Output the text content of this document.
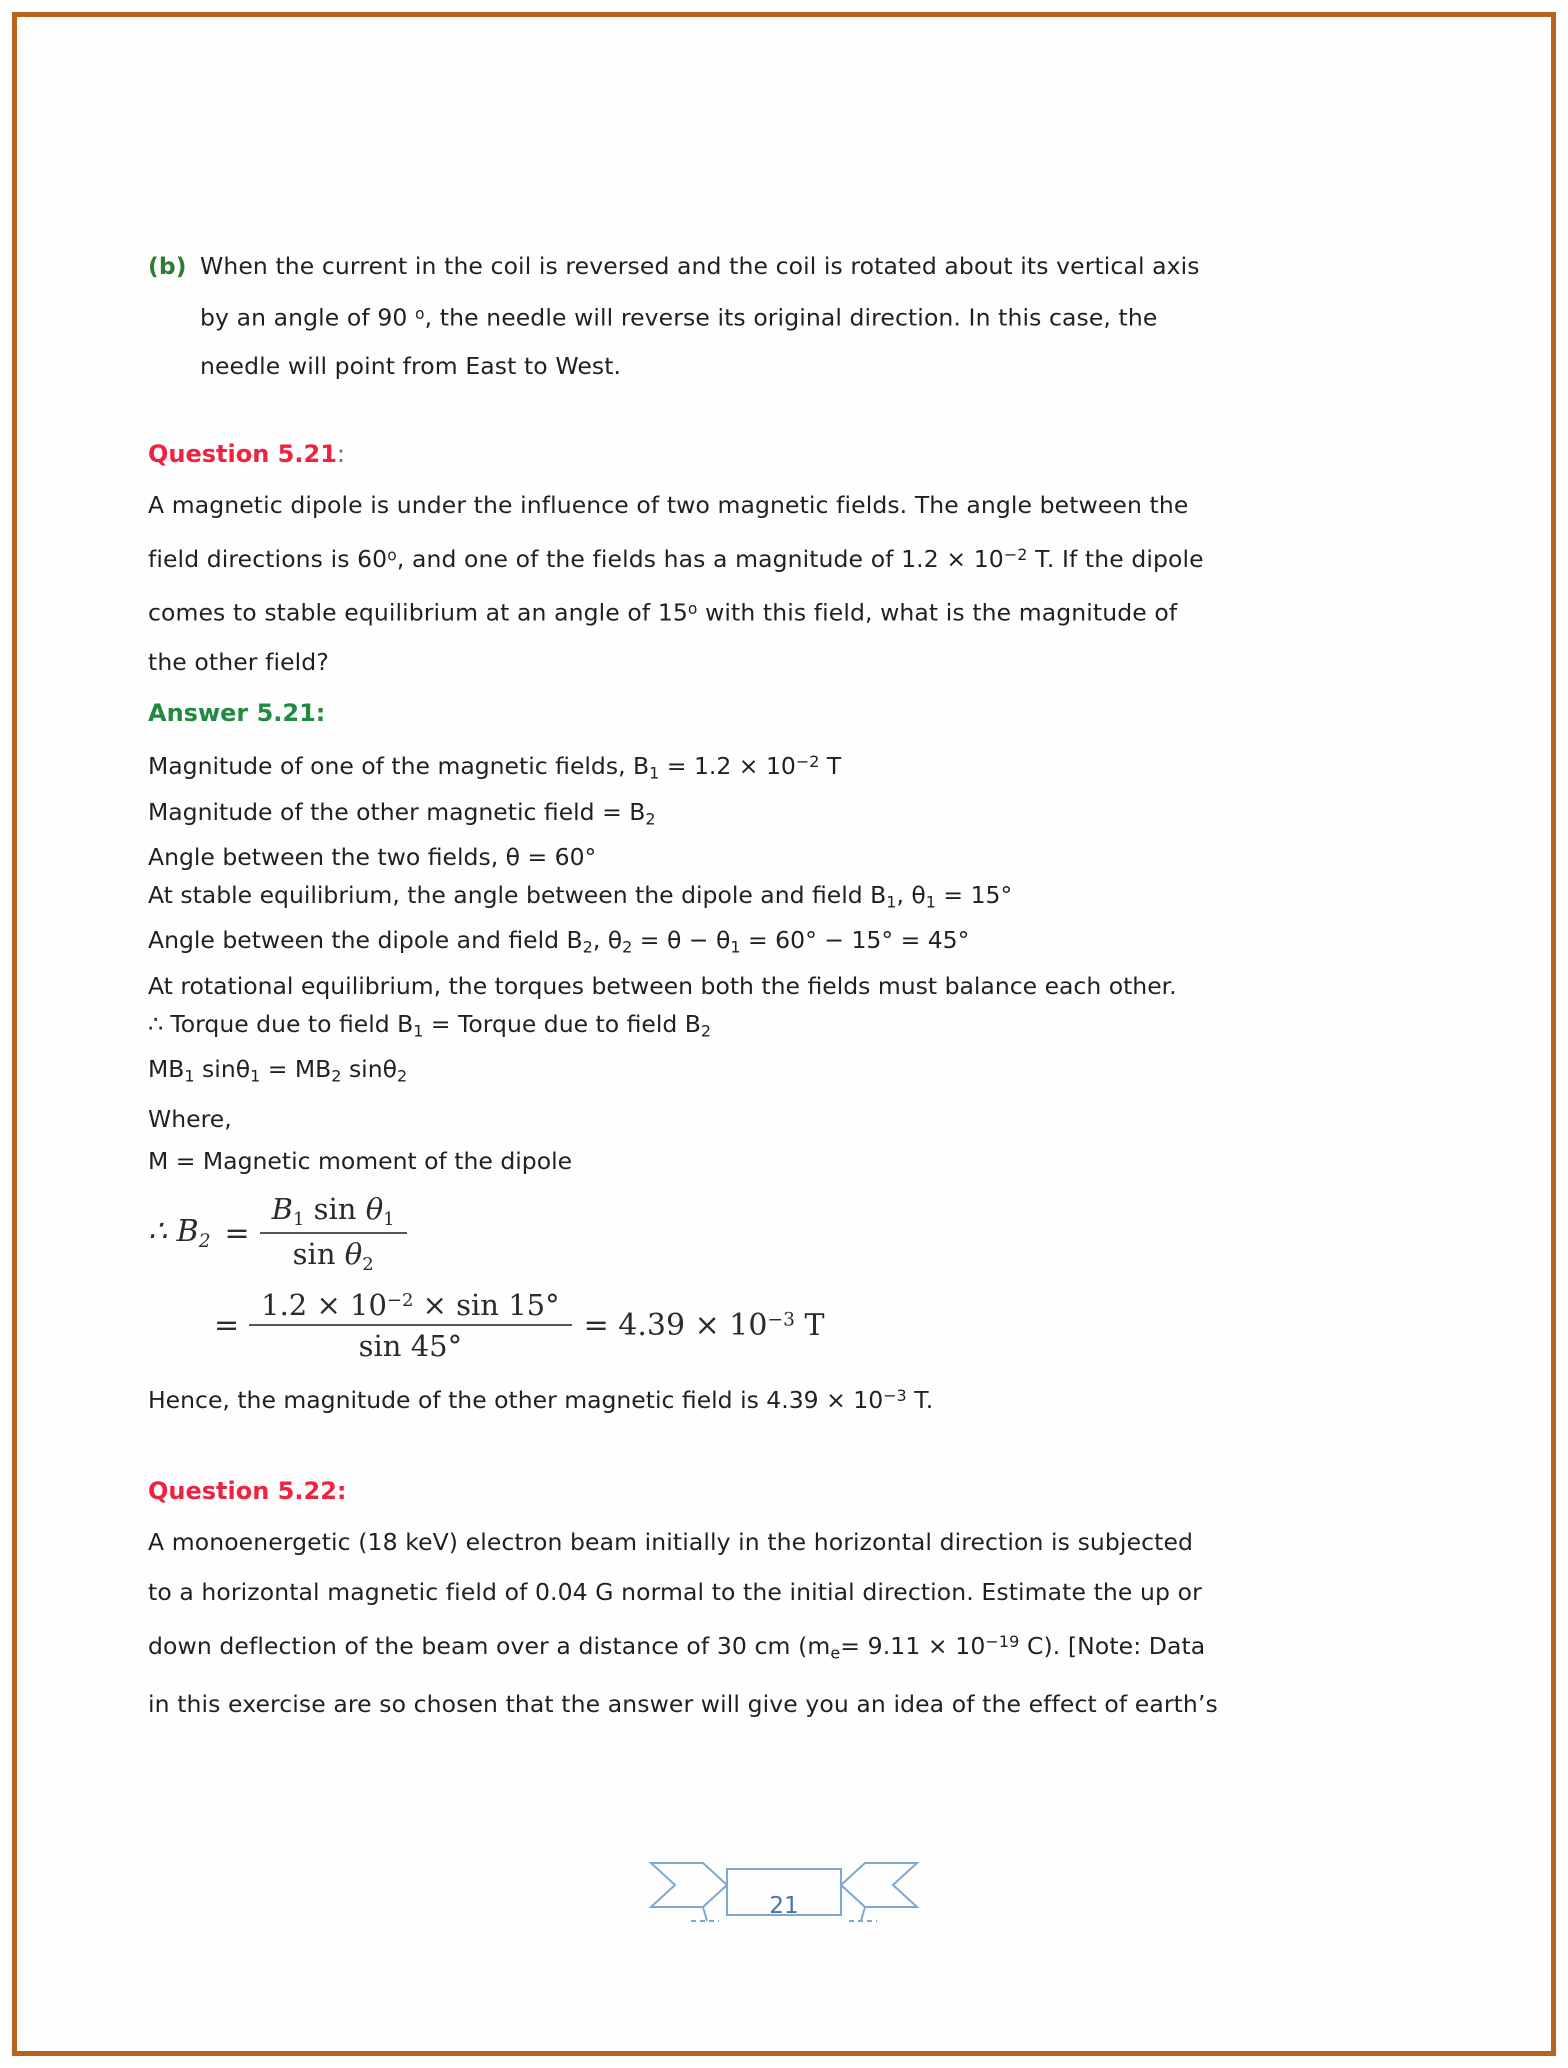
(b) When the current in the coil is reversed and the coil is rotated about its vertical axis
by an angle of 90 $^o$, the needle will reverse its original direction. In this case, the
needle will point from East to West.
Question 5.21:
A magnetic dipole is under the influence of two magnetic fields. The angle between the
field directions is 60$^o$, and one of the fields has a magnitude of $1.2 \times 10^{-2}$ T. If the dipole
comes to stable equilibrium at an angle of 15$^o$ with this field, what is the magnitude of
the other field?
Answer 5.21:
Magnitude of one of the magnetic fields, $B_1 = 1.2 \times 10^{-2}$ T
Magnitude of the other magnetic field = $B_2$
Angle between the two fields, θ = 60°
At stable equilibrium, the angle between the dipole and field $B_1$, $\theta_1 = 15^\circ$
Angle between the dipole and field $B_2$, $\theta_2 = \theta - \theta_1 = 60^\circ - 15^\circ = 45^\circ$
At rotational equilibrium, the torques between both the fields must balance each other.
∴ Torque due to field $B_1$ = Torque due to field $B_2$
$MB_1$ $\sin\theta_1 = MB_2$ sinθ$_2$
Where,
M = Magnetic moment of the dipole
∴ $B_2 = \frac{B_1 \sin \theta_1}{\sin \theta_2}$
= $\frac{1.2 \times 10^{-2} \times \sin 15^\circ}{\sin 45^\circ} = 4.39 \times 10^{-3}$ T
Hence, the magnitude of the other magnetic field is $4.39 \times 10^{-3}$ T.
Question 5.22:
A monoenergetic (18 keV) electron beam initially in the horizontal direction is subjected
to a horizontal magnetic field of 0.04 G normal to the initial direction. Estimate the up or
down deflection of the beam over a distance of 30 cm ($m_e= 9.11 \times 10^{-19}$ C). [Note: Data
in this exercise are so chosen that the answer will give you an idea of the effect of earth’s
21
